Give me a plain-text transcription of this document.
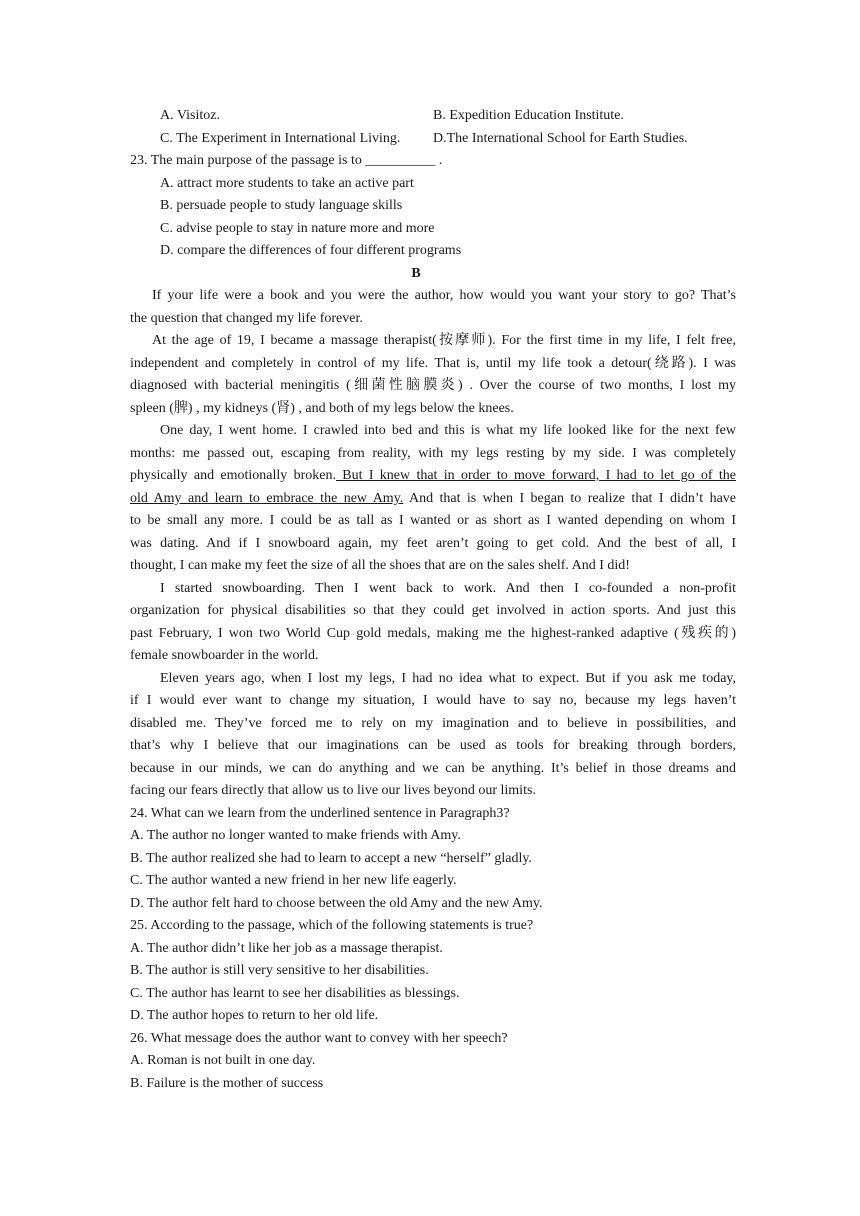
A. Visitoz.	B. Expedition Education Institute.
C. The Experiment in International Living. D.The International School for Earth Studies.
23. The main purpose of the passage is to __________ .
A. attract more students to take an active part
B. persuade people to study language skills
C. advise people to stay in nature more and more
D. compare the differences of four different programs
B
If your life were a book and you were the author, how would you want your story to go? That’s
the question that changed my life forever.
At the age of 19, I became a massage therapist(按摩师). For the first time in my life, I felt free,
independent and completely in control of my life. That is, until my life took a detour(绕路). I was
diagnosed with bacterial meningitis (细菌性脑膜炎) . Over the course of two months, I lost my
spleen (脾) , my kidneys (肾) , and both of my legs below the knees.
One day, I went home. I crawled into bed and this is what my life looked like for the next few
months: me passed out, escaping from reality, with my legs resting by my side. I was completely
physically and emotionally broken. But I knew that in order to move forward, I had to let go of the
old Amy and learn to embrace the new Amy. And that is when I began to realize that I didn’t have
to be small any more. I could be as tall as I wanted or as short as I wanted depending on whom I
was dating. And if I snowboard again, my feet aren’t going to get cold. And the best of all, I
thought, I can make my feet the size of all the shoes that are on the sales shelf. And I did!
I started snowboarding. Then I went back to work. And then I co-founded a non-profit
organization for physical disabilities so that they could get involved in action sports. And just this
past February, I won two World Cup gold medals, making me the highest-ranked adaptive (残疾的)
female snowboarder in the world.
Eleven years ago, when I lost my legs, I had no idea what to expect. But if you ask me today,
if I would ever want to change my situation, I would have to say no, because my legs haven’t
disabled me. They’ve forced me to rely on my imagination and to believe in possibilities, and
that’s why I believe that our imaginations can be used as tools for breaking through borders,
because in our minds, we can do anything and we can be anything. It’s belief in those dreams and
facing our fears directly that allow us to live our lives beyond our limits.
24. What can we learn from the underlined sentence in Paragraph3?
A. The author no longer wanted to make friends with Amy.
B. The author realized she had to learn to accept a new “herself” gladly.
C. The author wanted a new friend in her new life eagerly.
D. The author felt hard to choose between the old Amy and the new Amy.
25. According to the passage, which of the following statements is true?
A. The author didn’t like her job as a massage therapist.
B. The author is still very sensitive to her disabilities.
C. The author has learnt to see her disabilities as blessings.
D. The author hopes to return to her old life.
26. What message does the author want to convey with her speech?
A. Roman is not built in one day.
B. Failure is the mother of success
